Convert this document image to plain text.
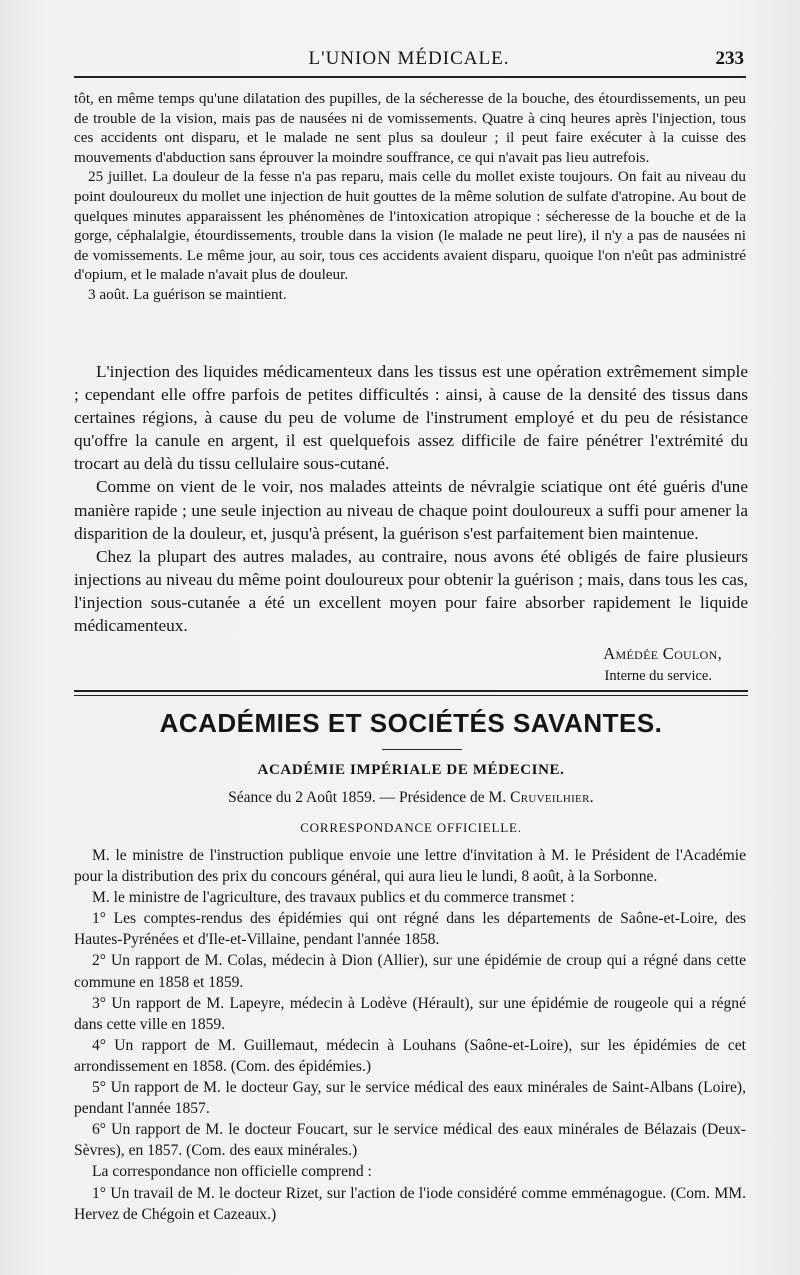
L'UNION MÉDICALE.	233

tôt, en même temps qu'une dilatation des pupilles, de la sécheresse de la bouche, des étourdissements, un peu de trouble de la vision, mais pas de nausées ni de vomissements. Quatre à cinq heures après l'injection, tous ces accidents ont disparu, et le malade ne sent plus sa douleur ; il peut faire exécuter à la cuisse des mouvements d'abduction sans éprouver la moindre souffrance, ce qui n'avait pas lieu autrefois.

25 juillet. La douleur de la fesse n'a pas reparu, mais celle du mollet existe toujours. On fait au niveau du point douloureux du mollet une injection de huit gouttes de la même solution de sulfate d'atropine. Au bout de quelques minutes apparaissent les phénomènes de l'intoxication atropique : sécheresse de la bouche et de la gorge, céphalalgie, étourdissements, trouble dans la vision (le malade ne peut lire), il n'y a pas de nausées ni de vomissements. Le même jour, au soir, tous ces accidents avaient disparu, quoique l'on n'eût pas administré d'opium, et le malade n'avait plus de douleur.

3 août. La guérison se maintient.

L'injection des liquides médicamenteux dans les tissus est une opération extrêmement simple ; cependant elle offre parfois de petites difficultés : ainsi, à cause de la densité des tissus dans certaines régions, à cause du peu de volume de l'instrument employé et du peu de résistance qu'offre la canule en argent, il est quelquefois assez difficile de faire pénétrer l'extrémité du trocart au delà du tissu cellulaire sous-cutané.

Comme on vient de le voir, nos malades atteints de névralgie sciatique ont été guéris d'une manière rapide ; une seule injection au niveau de chaque point douloureux a suffi pour amener la disparition de la douleur, et, jusqu'à présent, la guérison s'est parfaitement bien maintenue.

Chez la plupart des autres malades, au contraire, nous avons été obligés de faire plusieurs injections au niveau du même point douloureux pour obtenir la guérison ; mais, dans tous les cas, l'injection sous-cutanée a été un excellent moyen pour faire absorber rapidement le liquide médicamenteux.

Amédée Coulon,
Interne du service.
ACADÉMIES ET SOCIÉTÉS SAVANTES.
ACADÉMIE IMPÉRIALE DE MÉDECINE.
Séance du 2 Août 1859. — Présidence de M. Cruveilhier.
CORRESPONDANCE OFFICIELLE.

M. le ministre de l'instruction publique envoie une lettre d'invitation à M. le Président de l'Académie pour la distribution des prix du concours général, qui aura lieu le lundi, 8 août, à la Sorbonne.

M. le ministre de l'agriculture, des travaux publics et du commerce transmet :

1° Les comptes-rendus des épidémies qui ont régné dans les départements de Saône-et-Loire, des Hautes-Pyrénées et d'Ile-et-Villaine, pendant l'année 1858.

2° Un rapport de M. Colas, médecin à Dion (Allier), sur une épidémie de croup qui a régné dans cette commune en 1858 et 1859.

3° Un rapport de M. Lapeyre, médecin à Lodève (Hérault), sur une épidémie de rougeole qui a régné dans cette ville en 1859.

4° Un rapport de M. Guillemaut, médecin à Louhans (Saône-et-Loire), sur les épidémies de cet arrondissement en 1858. (Com. des épidémies.)

5° Un rapport de M. le docteur Gay, sur le service médical des eaux minérales de Saint-Albans (Loire), pendant l'année 1857.

6° Un rapport de M. le docteur Foucart, sur le service médical des eaux minérales de Bélazais (Deux-Sèvres), en 1857. (Com. des eaux minérales.)

La correspondance non officielle comprend :

1° Un travail de M. le docteur Rizet, sur l'action de l'iode considéré comme emménagogue. (Com. MM. Hervez de Chégoin et Cazeaux.)
